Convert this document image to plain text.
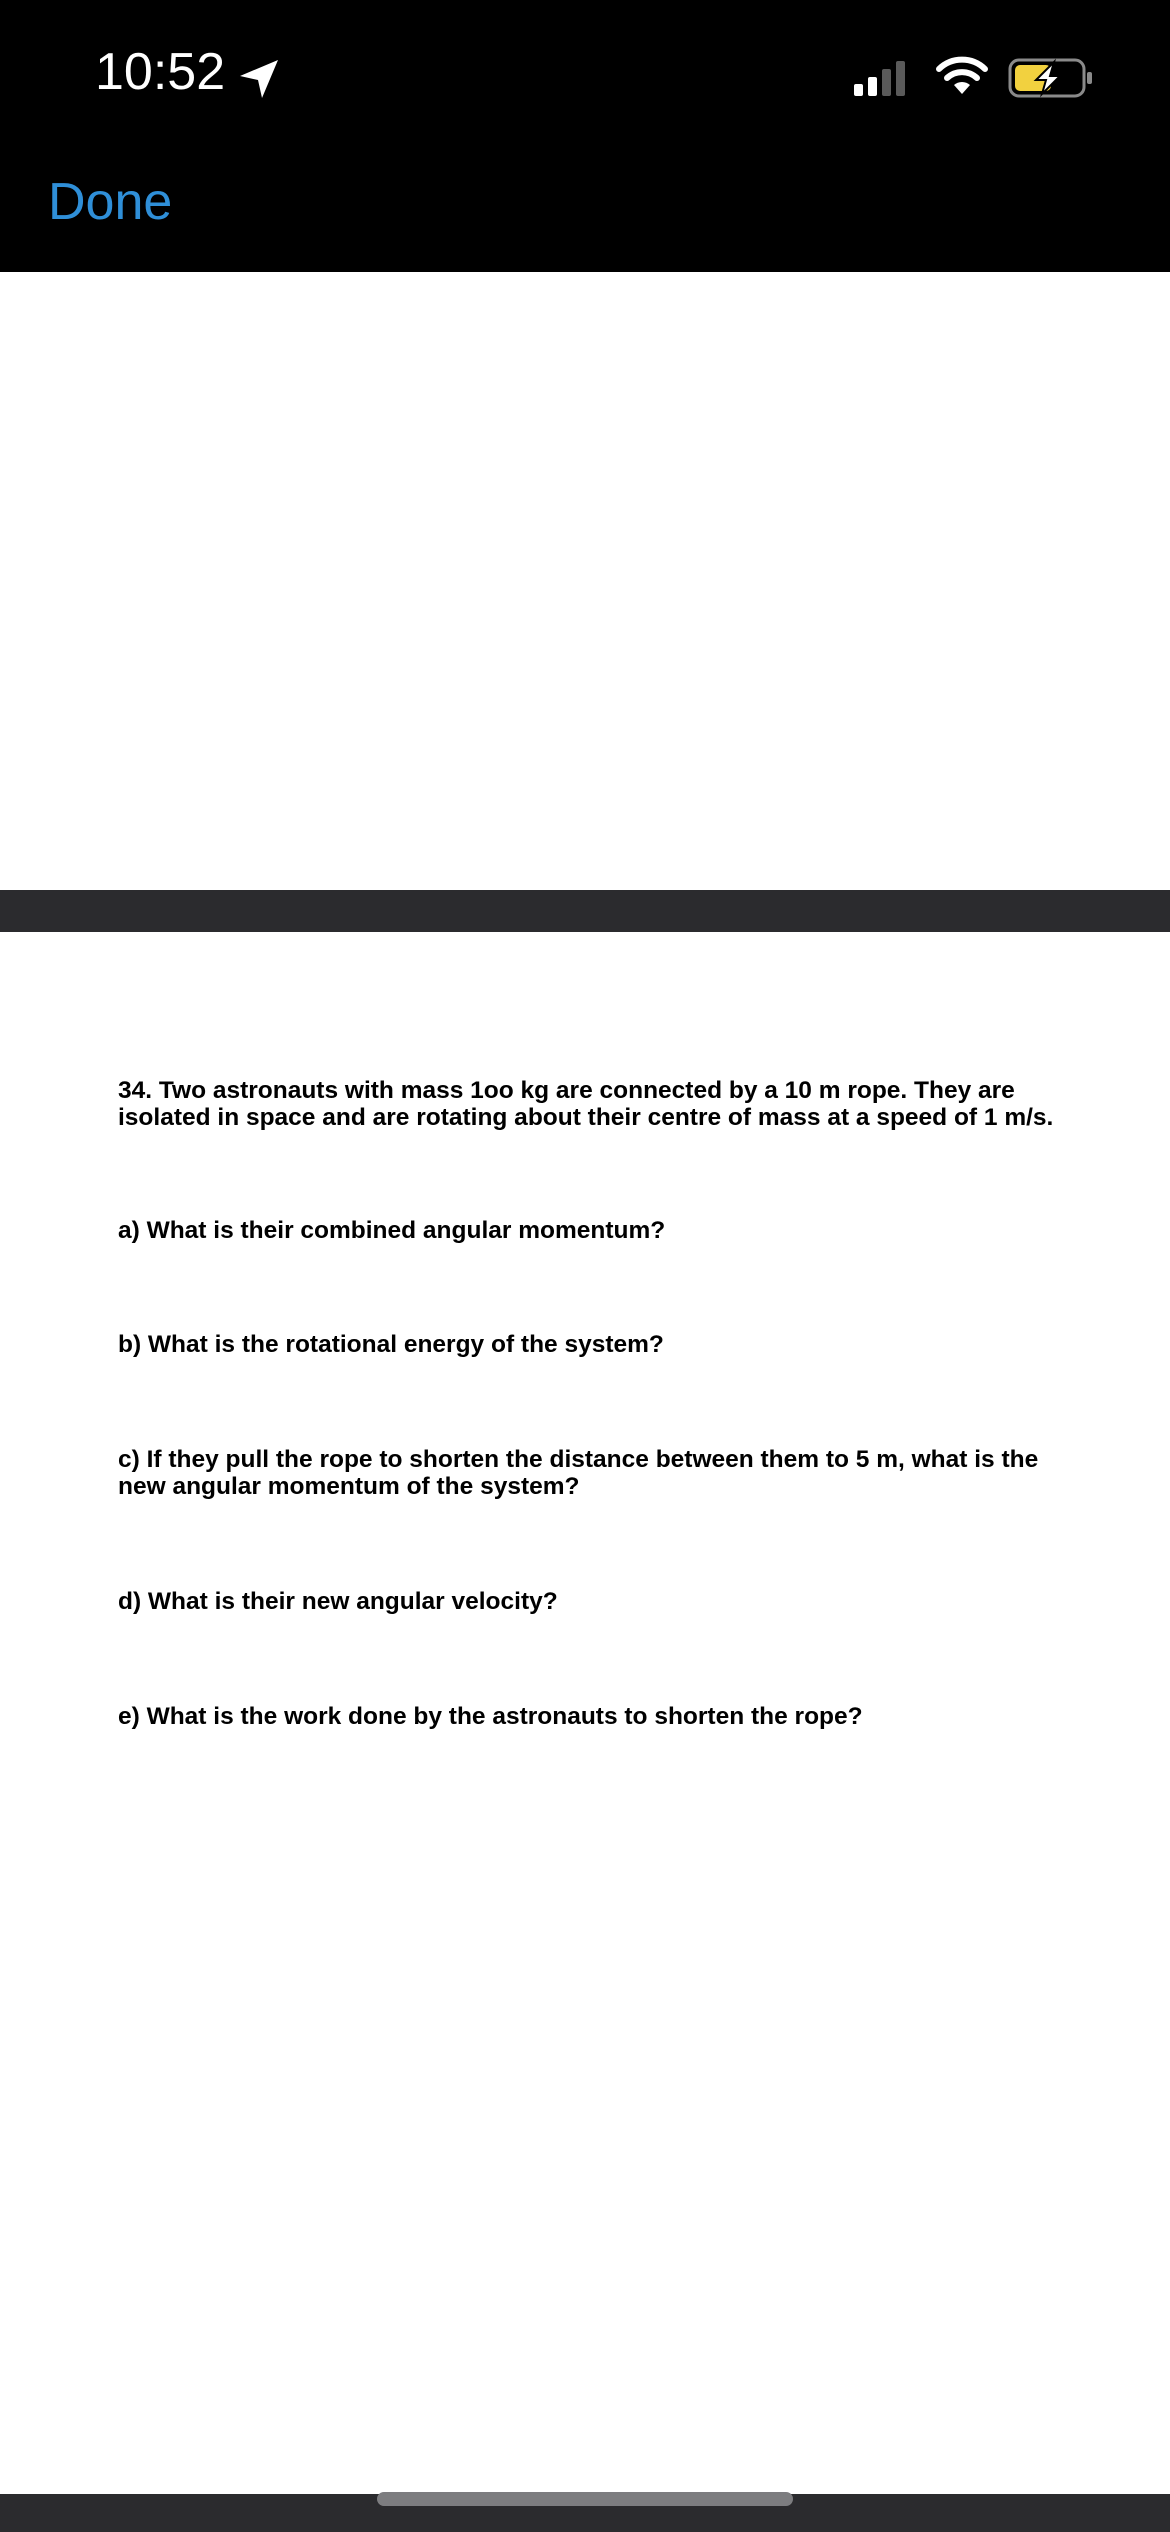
10:52
Done
34. Two astronauts with mass 1oo kg are connected by a 10 m rope. They are isolated in space and are rotating about their centre of mass at a speed of 1 m/s.
a) What is their combined angular momentum?
b) What is the rotational energy of the system?
c) If they pull the rope to shorten the distance between them to 5 m, what is the new angular momentum of the system?
d) What is their new angular velocity?
e) What is the work done by the astronauts to shorten the rope?
